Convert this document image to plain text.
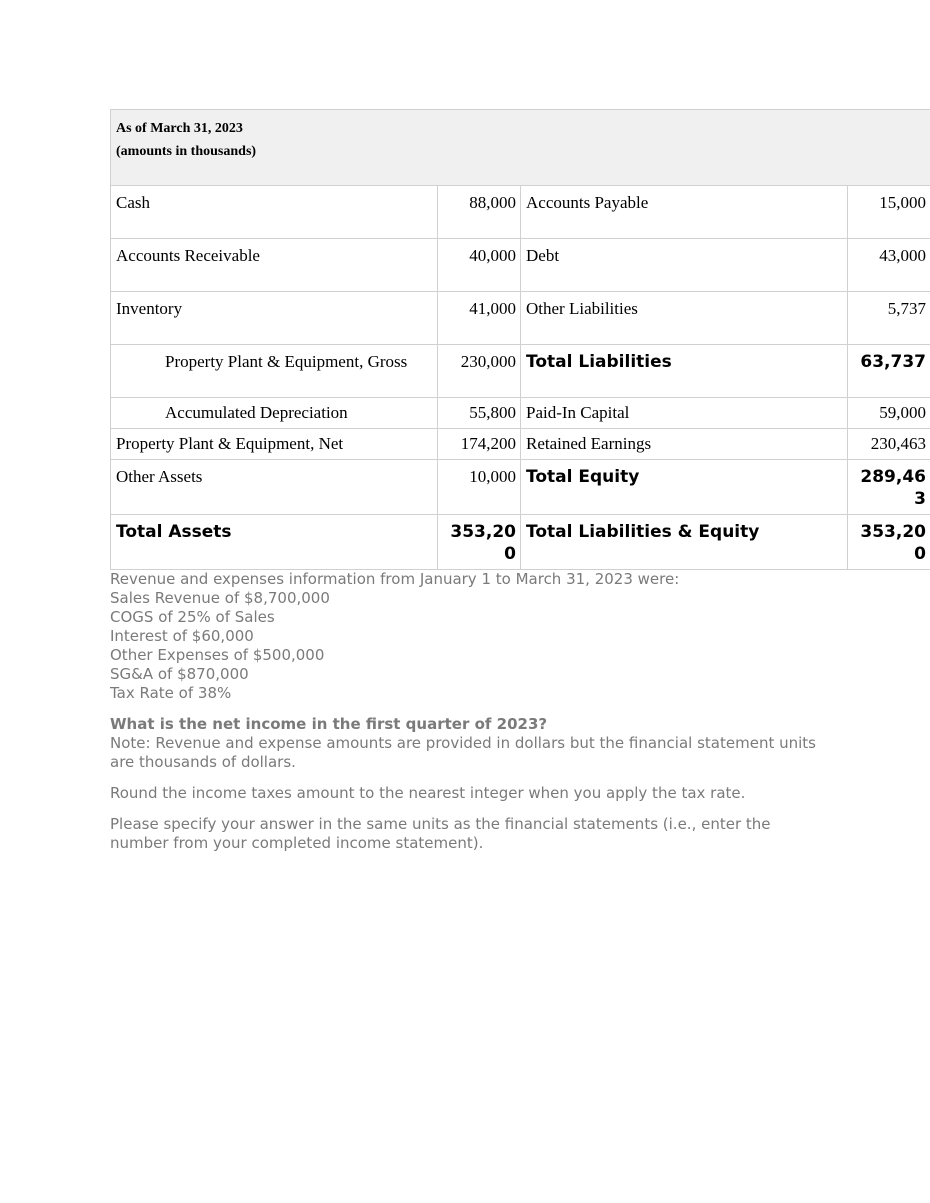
As of March 31, 2023
(amounts in thousands)			

Cash	88,000	Accounts Payable	15,000
Accounts Receivable	40,000	Debt	43,000
Inventory	41,000	Other Liabilities	5,737
Property Plant & Equipment, Gross	230,000	Total Liabilities	63,737
Accumulated Depreciation	55,800	Paid-In Capital	59,000
Property Plant & Equipment, Net	174,200	Retained Earnings	230,463
Other Assets	10,000	Total Equity	289,463
Total Assets	353,200	Total Liabilities & Equity	353,200
Revenue and expenses information from January 1 to March 31, 2023 were:
Sales Revenue of $8,700,000
COGS of 25% of Sales
Interest of $60,000
Other Expenses of $500,000
SG&A of $870,000
Tax Rate of 38%
What is the net income in the first quarter of 2023?
Note: Revenue and expense amounts are provided in dollars but the financial statement units are thousands of dollars.
Round the income taxes amount to the nearest integer when you apply the tax rate.
Please specify your answer in the same units as the financial statements (i.e., enter the number from your completed income statement).
